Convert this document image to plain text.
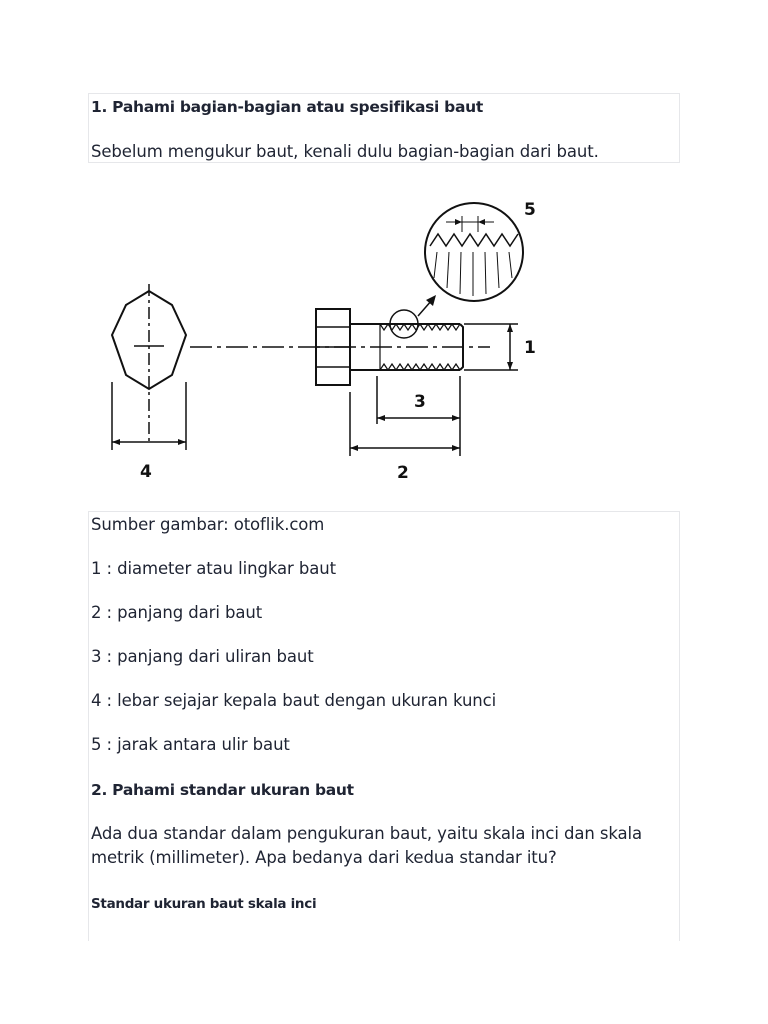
1. Pahami bagian-bagian atau spesifikasi baut

Sebelum mengukur baut, kenali dulu bagian-bagian dari baut.

5
1
3
4	2

Sumber gambar: otoflik.com

1 : diameter atau lingkar baut

2 : panjang dari baut

3 : panjang dari uliran baut

4 : lebar sejajar kepala baut dengan ukuran kunci

5 : jarak antara ulir baut

2. Pahami standar ukuran baut

Ada dua standar dalam pengukuran baut, yaitu skala inci dan skala metrik (millimeter). Apa bedanya dari kedua standar itu?

Standar ukuran baut skala inci
